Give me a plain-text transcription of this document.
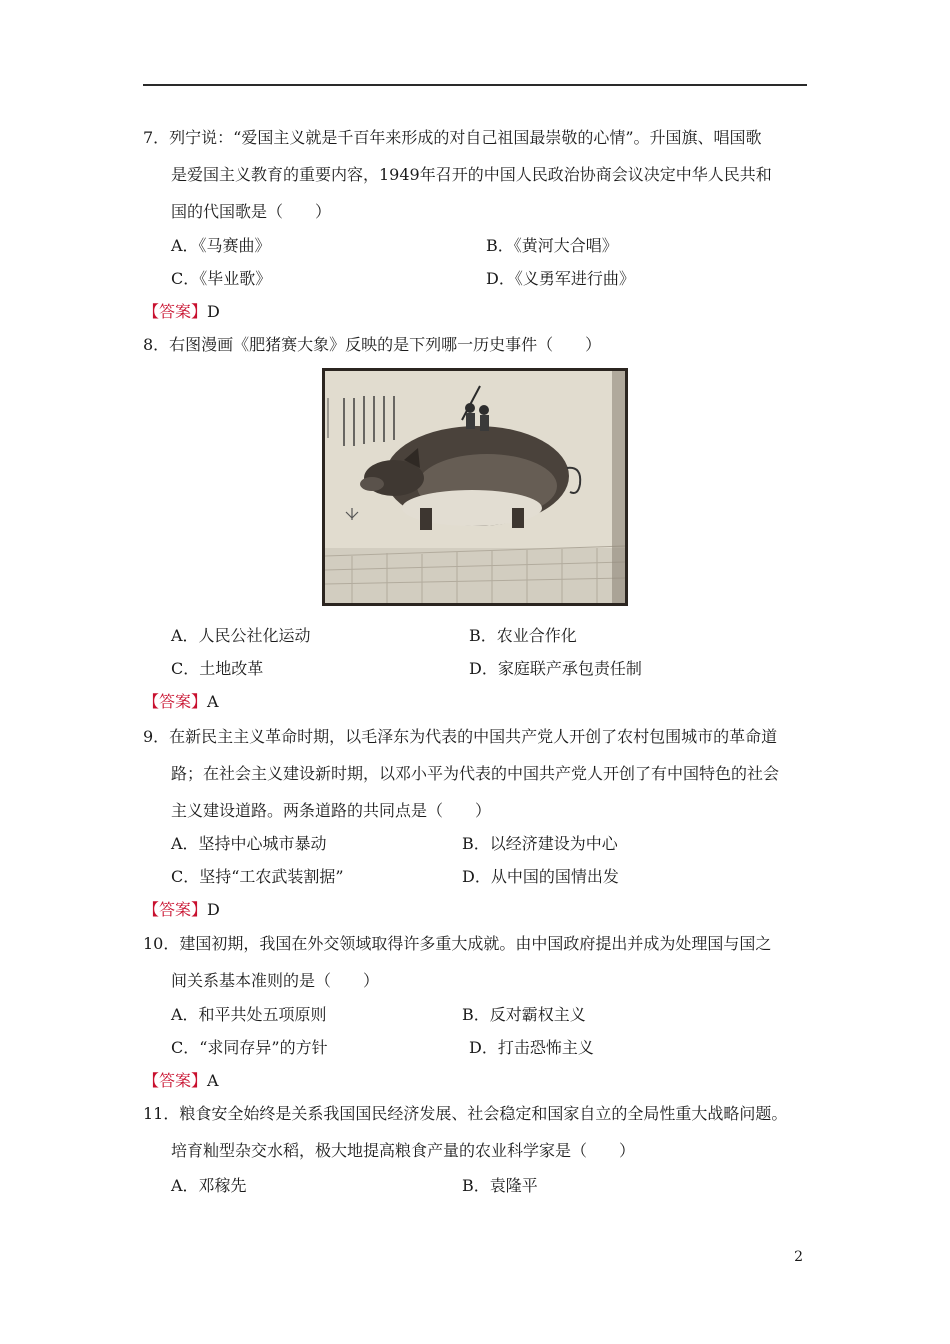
7．列宁说：“爱国主义就是千百年来形成的对自己祖国最崇敬的心情”。升国旗、唱国歌
是爱国主义教育的重要内容，1949年召开的中国人民政治协商会议决定中华人民共和
国的代国歌是（　　）
A．《马赛曲》	B．《黄河大合唱》
C．《毕业歌》	D．《义勇军进行曲》
【答案】D
8．右图漫画《肥猪赛大象》反映的是下列哪一历史事件（　　）
A．人民公社化运动	B．农业合作化
C．土地改革	D．家庭联产承包责任制
【答案】A
9．在新民主主义革命时期，以毛泽东为代表的中国共产党人开创了农村包围城市的革命道
路；在社会主义建设新时期，以邓小平为代表的中国共产党人开创了有中国特色的社会
主义建设道路。两条道路的共同点是（　　）
A．坚持中心城市暴动	B．以经济建设为中心
C．坚持“工农武装割据”	D．从中国的国情出发
【答案】D
10．建国初期，我国在外交领域取得许多重大成就。由中国政府提出并成为处理国与国之
间关系基本准则的是（　　）
A．和平共处五项原则	B．反对霸权主义
C．“求同存异”的方针	D．打击恐怖主义
【答案】A
11．粮食安全始终是关系我国国民经济发展、社会稳定和国家自立的全局性重大战略问题。
培育籼型杂交水稻，极大地提高粮食产量的农业科学家是（　　）
A．邓稼先	B．袁隆平
2
